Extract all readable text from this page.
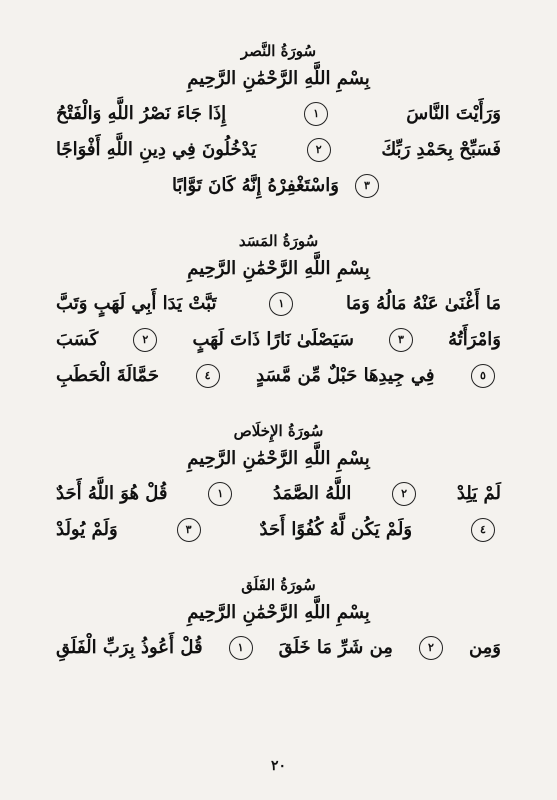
سُورَةُ النَّصر
بِسْمِ اللَّهِ الرَّحْمَٰنِ الرَّحِيمِ
إِذَا جَاءَ نَصْرُ اللَّهِ وَالْفَتْحُ	١	وَرَأَيْتَ النَّاسَ
يَدْخُلُونَ فِي دِينِ اللَّهِ أَفْوَاجًا	٢	فَسَبِّحْ بِحَمْدِ رَبِّكَ
وَاسْتَغْفِرْهُ إِنَّهُ كَانَ تَوَّابًا	٣
سُورَةُ المَسَد
بِسْمِ اللَّهِ الرَّحْمَٰنِ الرَّحِيمِ
تَبَّتْ يَدَا أَبِي لَهَبٍ وَتَبَّ	١	مَا أَغْنَىٰ عَنْهُ مَالُهُ وَمَا
كَسَبَ	٢	سَيَصْلَىٰ نَارًا ذَاتَ لَهَبٍ	٣	وَامْرَأَتُهُ
حَمَّالَةَ الْحَطَبِ	٤	فِي جِيدِهَا حَبْلٌ مِّن مَّسَدٍ	٥
سُورَةُ الإِخلَاص
بِسْمِ اللَّهِ الرَّحْمَٰنِ الرَّحِيمِ
قُلْ هُوَ اللَّهُ أَحَدٌ	١	اللَّهُ الصَّمَدُ	٢	لَمْ يَلِدْ
وَلَمْ يُولَدْ	٣	وَلَمْ يَكُن لَّهُ كُفُوًا أَحَدٌ	٤
سُورَةُ الفَلَق
بِسْمِ اللَّهِ الرَّحْمَٰنِ الرَّحِيمِ
قُلْ أَعُوذُ بِرَبِّ الْفَلَقِ	١	مِن شَرِّ مَا خَلَقَ	٢	وَمِن
٢٠
